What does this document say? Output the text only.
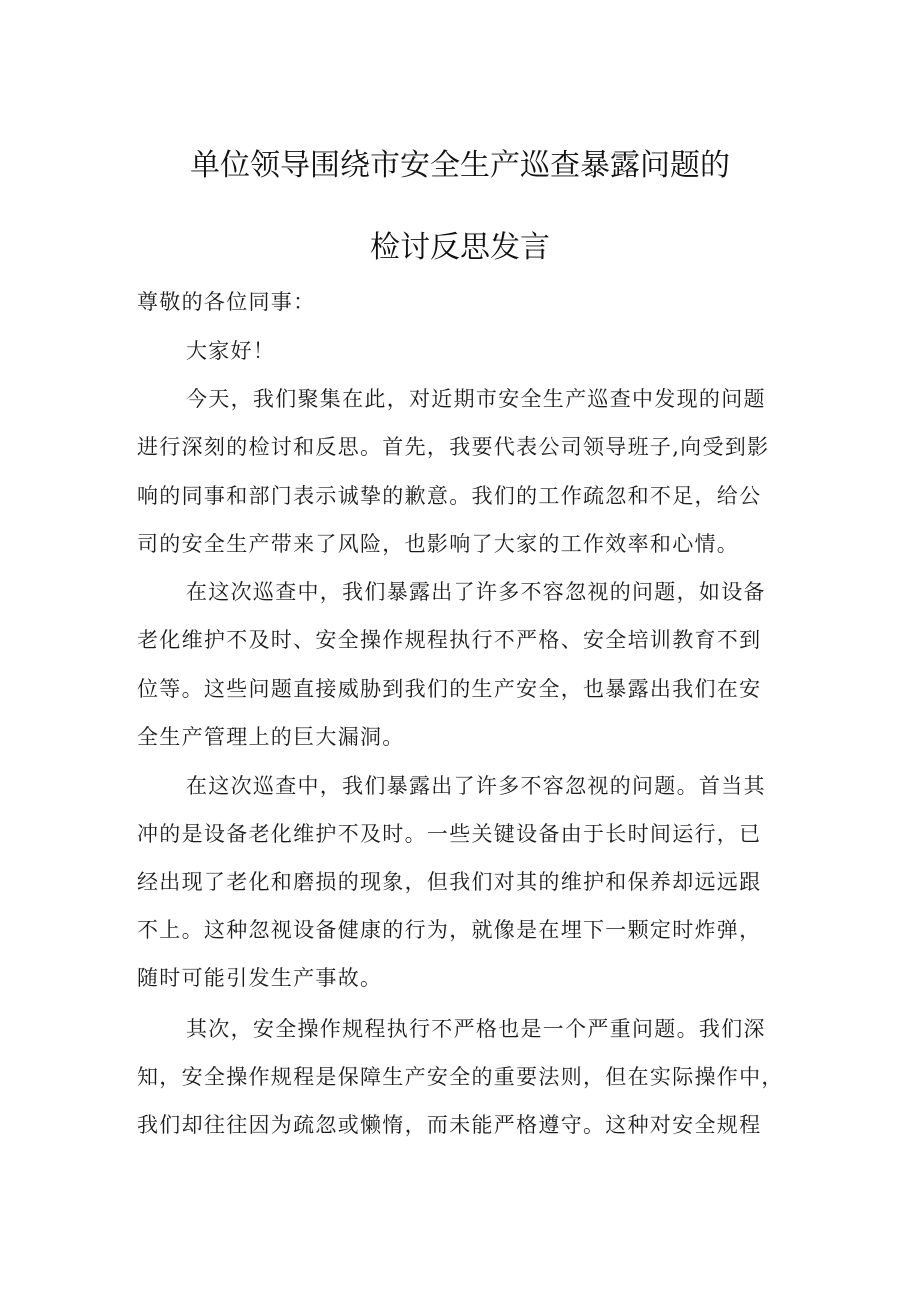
单位领导围绕市安全生产巡查暴露问题的
检讨反思发言

尊敬的各位同事：

大家好！

今天，我们聚集在此，对近期市安全生产巡查中发现的问题

进行深刻的检讨和反思。首先，我要代表公司领导班子,向受到影

响的同事和部门表示诚挚的歉意。我们的工作疏忽和不足，给公

司的安全生产带来了风险，也影响了大家的工作效率和心情。

在这次巡查中，我们暴露出了许多不容忽视的问题，如设备

老化维护不及时、安全操作规程执行不严格、安全培训教育不到

位等。这些问题直接威胁到我们的生产安全，也暴露出我们在安

全生产管理上的巨大漏洞。

在这次巡查中，我们暴露出了许多不容忽视的问题。首当其

冲的是设备老化维护不及时。一些关键设备由于长时间运行，已

经出现了老化和磨损的现象，但我们对其的维护和保养却远远跟

不上。这种忽视设备健康的行为，就像是在埋下一颗定时炸弹，

随时可能引发生产事故。

其次，安全操作规程执行不严格也是一个严重问题。我们深

知，安全操作规程是保障生产安全的重要法则，但在实际操作中，

我们却往往因为疏忽或懒惰，而未能严格遵守。这种对安全规程
